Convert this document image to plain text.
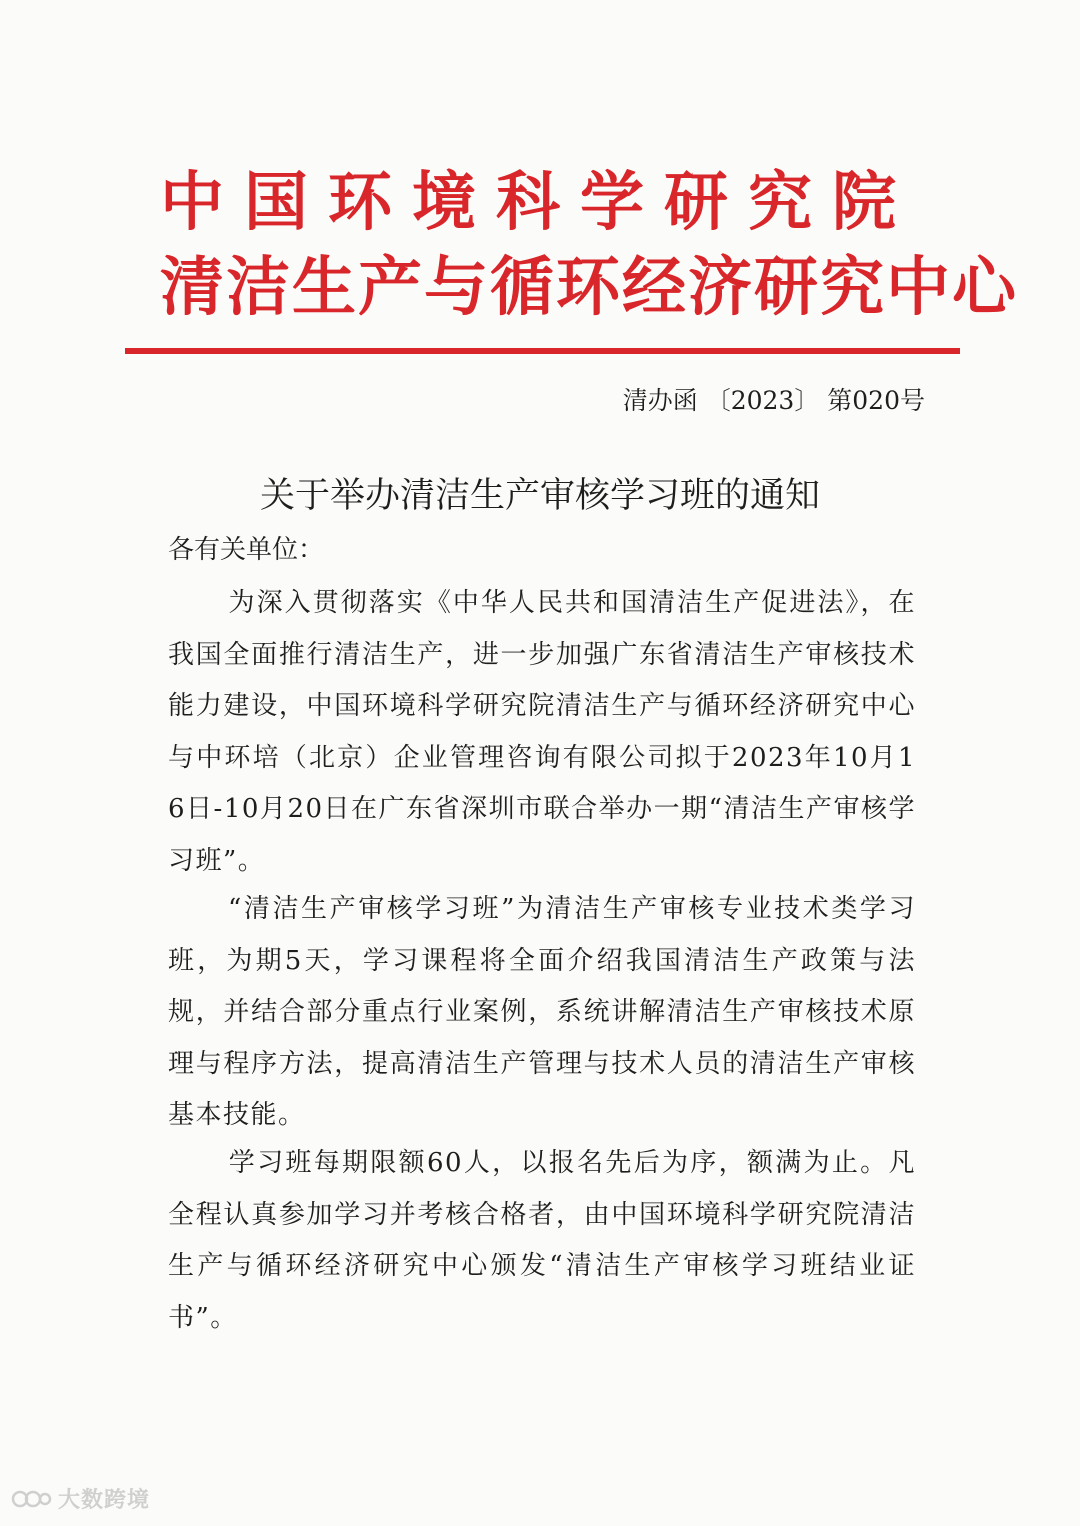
中国环境科学研究院
清洁生产与循环经济研究中心
清办函 〔2023〕 第020号
关于举办清洁生产审核学习班的通知
各有关单位：
为深入贯彻落实《中华人民共和国清洁生产促进法》，在我国全面推行清洁生产，进一步加强广东省清洁生产审核技术能力建设，中国环境科学研究院清洁生产与循环经济研究中心与中环培（北京）企业管理咨询有限公司拟于2023年10月16日-10月20日在广东省深圳市联合举办一期“清洁生产审核学习班”。
“清洁生产审核学习班”为清洁生产审核专业技术类学习班，为期5天，学习课程将全面介绍我国清洁生产政策与法规，并结合部分重点行业案例，系统讲解清洁生产审核技术原理与程序方法，提高清洁生产管理与技术人员的清洁生产审核基本技能。
学习班每期限额60人，以报名先后为序，额满为止。凡全程认真参加学习并考核合格者，由中国环境科学研究院清洁生产与循环经济研究中心颁发“清洁生产审核学习班结业证书”。
大数跨境
